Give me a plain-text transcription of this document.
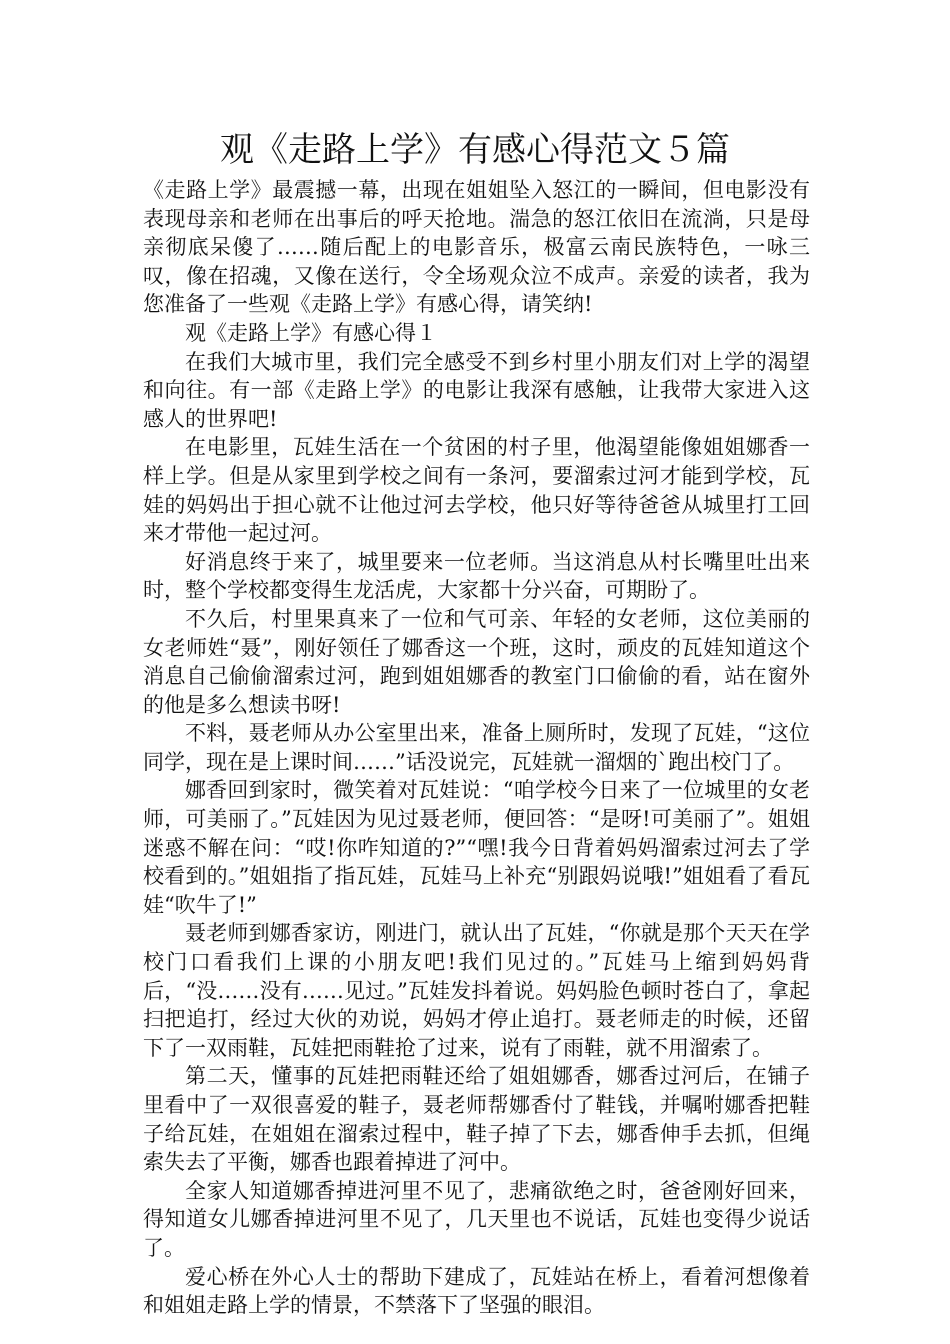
观《走路上学》有感心得范文５篇

《走路上学》最震撼一幕，出现在姐姐坠入怒江的一瞬间，但电影没有表现母亲和老师在出事后的呼天抢地。湍急的怒江依旧在流淌，只是母亲彻底呆傻了……随后配上的电影音乐，极富云南民族特色，一咏三叹，像在招魂，又像在送行，令全场观众泣不成声。亲爱的读者，我为您准备了一些观《走路上学》有感心得，请笑纳!

观《走路上学》有感心得１

在我们大城市里，我们完全感受不到乡村里小朋友们对上学的渴望和向往。有一部《走路上学》的电影让我深有感触，让我带大家进入这感人的世界吧!

在电影里，瓦娃生活在一个贫困的村子里，他渴望能像姐姐娜香一样上学。但是从家里到学校之间有一条河，要溜索过河才能到学校，瓦娃的妈妈出于担心就不让他过河去学校，他只好等待爸爸从城里打工回来才带他一起过河。

好消息终于来了，城里要来一位老师。当这消息从村长嘴里吐出来时，整个学校都变得生龙活虎，大家都十分兴奋，可期盼了。

不久后，村里果真来了一位和气可亲、年轻的女老师，这位美丽的女老师姓“聂”，刚好领任了娜香这一个班，这时，顽皮的瓦娃知道这个消息自己偷偷溜索过河，跑到姐姐娜香的教室门口偷偷的看，站在窗外的他是多么想读书呀!

不料，聂老师从办公室里出来，准备上厕所时，发现了瓦娃，“这位同学，现在是上课时间……”话没说完，瓦娃就一溜烟的`跑出校门了。

娜香回到家时，微笑着对瓦娃说：“咱学校今日来了一位城里的女老师，可美丽了。”瓦娃因为见过聂老师，便回答：“是呀!可美丽了”。姐姐迷惑不解在问：“哎!你咋知道的?”“嘿!我今日背着妈妈溜索过河去了学校看到的。”姐姐指了指瓦娃，瓦娃马上补充“别跟妈说哦!”姐姐看了看瓦娃“吹牛了!”

聂老师到娜香家访，刚进门，就认出了瓦娃，“你就是那个天天在学校门口看我们上课的小朋友吧!我们见过的。”瓦娃马上缩到妈妈背后，“没……没有……见过。”瓦娃发抖着说。妈妈脸色顿时苍白了，拿起扫把追打，经过大伙的劝说，妈妈才停止追打。聂老师走的时候，还留下了一双雨鞋，瓦娃把雨鞋抢了过来，说有了雨鞋，就不用溜索了。

第二天，懂事的瓦娃把雨鞋还给了姐姐娜香，娜香过河后，在铺子里看中了一双很喜爱的鞋子，聂老师帮娜香付了鞋钱，并嘱咐娜香把鞋子给瓦娃，在姐姐在溜索过程中，鞋子掉了下去，娜香伸手去抓，但绳索失去了平衡，娜香也跟着掉进了河中。

全家人知道娜香掉进河里不见了，悲痛欲绝之时，爸爸刚好回来，得知道女儿娜香掉进河里不见了，几天里也不说话，瓦娃也变得少说话了。

爱心桥在外心人士的帮助下建成了，瓦娃站在桥上，看着河想像着和姐姐走路上学的情景，不禁落下了坚强的眼泪。
